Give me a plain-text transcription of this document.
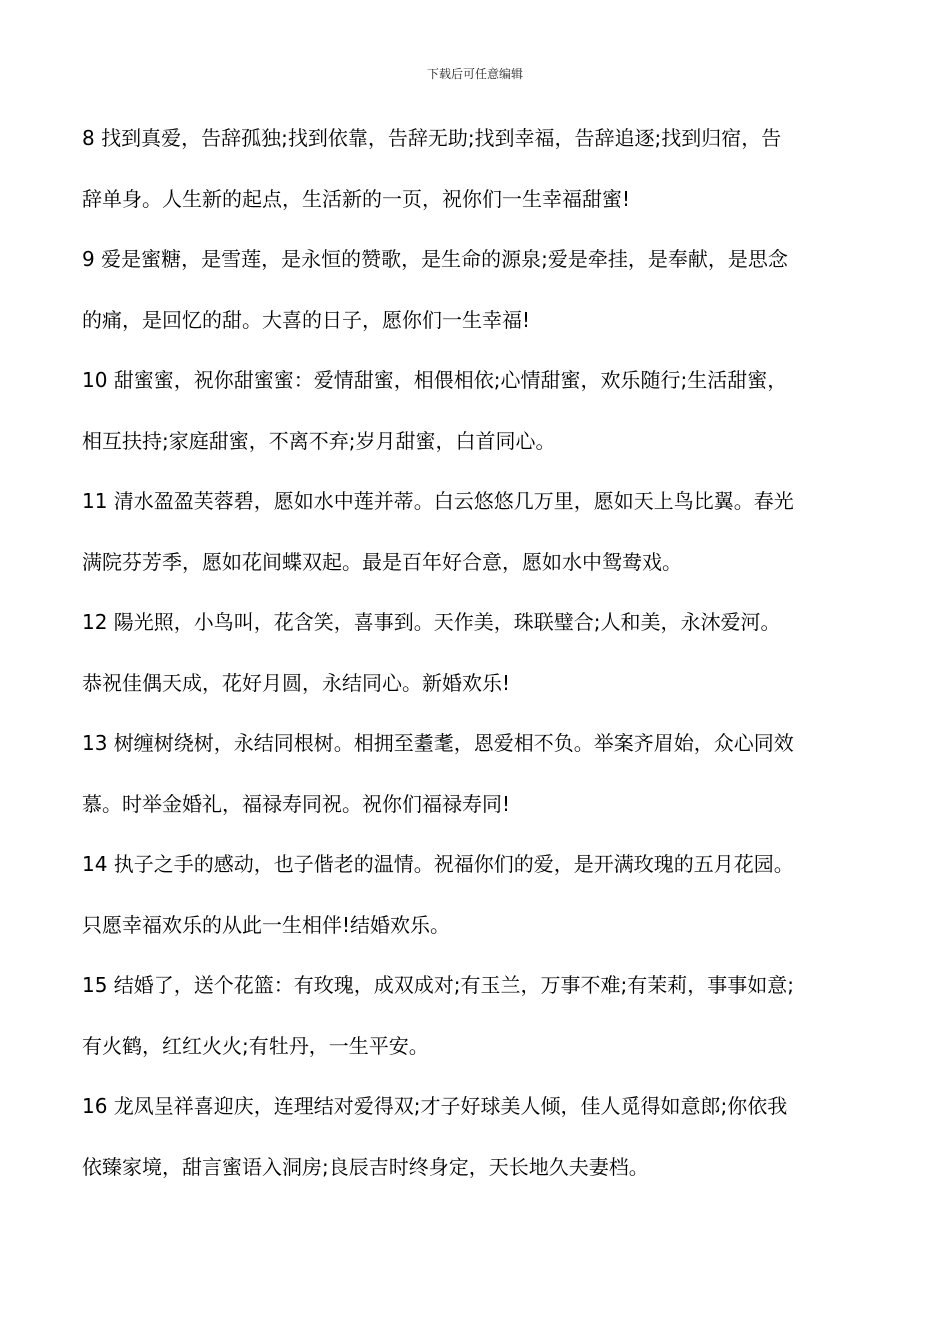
下载后可任意编辑
8 找到真爱，告辞孤独;找到依靠，告辞无助;找到幸福，告辞追逐;找到归宿，告
辞单身。人生新的起点，生活新的一页，祝你们一生幸福甜蜜!
9 爱是蜜糖，是雪莲，是永恒的赞歌，是生命的源泉;爱是牵挂，是奉献，是思念
的痛，是回忆的甜。大喜的日子，愿你们一生幸福!
10 甜蜜蜜，祝你甜蜜蜜：爱情甜蜜，相偎相依;心情甜蜜，欢乐随行;生活甜蜜，
相互扶持;家庭甜蜜，不离不弃;岁月甜蜜，白首同心。
11 清水盈盈芙蓉碧，愿如水中莲并蒂。白云悠悠几万里，愿如天上鸟比翼。春光
满院芬芳季，愿如花间蝶双起。最是百年好合意，愿如水中鸳鸯戏。
12 陽光照，小鸟叫，花含笑，喜事到。天作美，珠联璧合;人和美，永沐爱河。
恭祝佳偶天成，花好月圆，永结同心。新婚欢乐!
13 树缠树绕树，永结同根树。相拥至耋耄，恩爱相不负。举案齐眉始，众心同效
慕。时举金婚礼，福禄寿同祝。祝你们福禄寿同!
14 执子之手的感动，也子偕老的温情。祝福你们的爱，是开满玫瑰的五月花园。
只愿幸福欢乐的从此一生相伴!结婚欢乐。
15 结婚了，送个花篮：有玫瑰，成双成对;有玉兰，万事不难;有茉莉，事事如意;
有火鹤，红红火火;有牡丹，一生平安。
16 龙凤呈祥喜迎庆，连理结对爱得双;才子好球美人倾，佳人觅得如意郎;你依我
依臻家境，甜言蜜语入洞房;良辰吉时终身定，天长地久夫妻档。
